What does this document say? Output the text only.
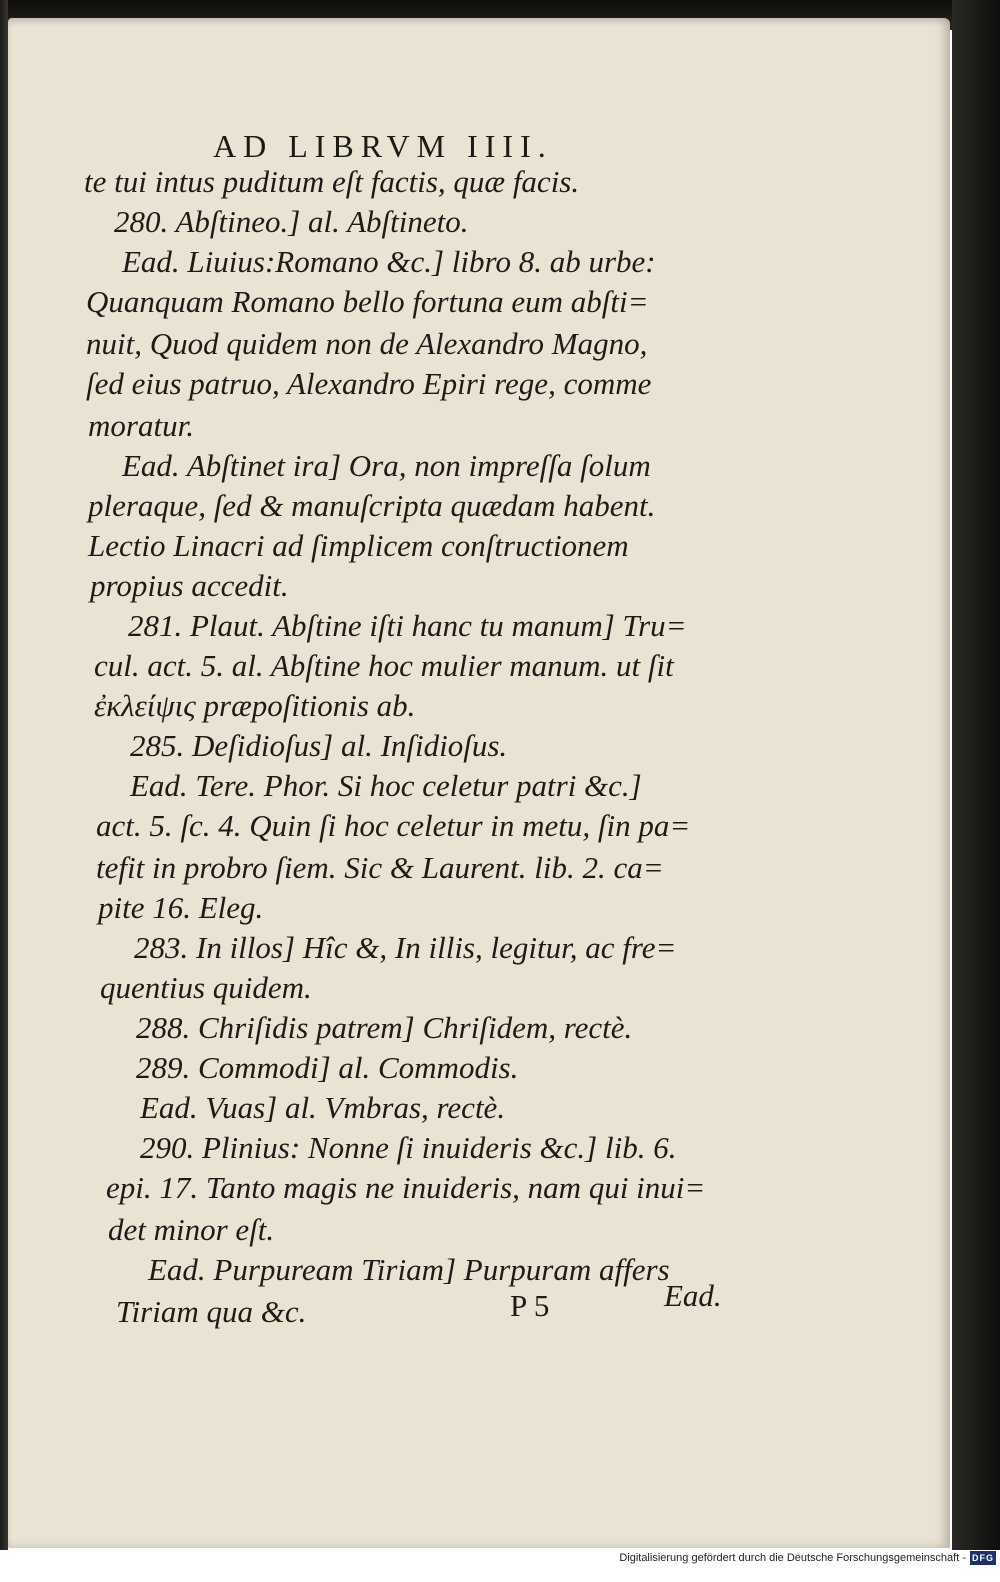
AD LIBRVM IIII.
te tui intus puditum eſt factis, quæ facis.
280. Abſtineo.] al. Abſtineto.
Ead. Liuius:Romano &c.] libro 8. ab urbe:
Quanquam Romano bello fortuna eum abſti=
nuit, Quod quidem non de Alexandro Magno,
ſed eius patruo, Alexandro Epiri rege, comme
moratur.
Ead. Abſtinet ira] Ora, non impreſſa ſolum
pleraque, ſed & manuſcripta quædam habent.
Lectio Linacri ad ſimplicem conſtructionem
propius accedit.
281. Plaut. Abſtine iſti hanc tu manum] Tru=
cul. act. 5. al. Abſtine hoc mulier manum. ut ſit
ἐκλείψις præpoſitionis ab.
285. Deſidioſus] al. Inſidioſus.
Ead. Tere. Phor. Si hoc celetur patri &c.]
act. 5. ſc. 4. Quin ſi hoc celetur in metu, ſin pa=
tefit in probro ſiem. Sic & Laurent. lib. 2. ca=
pite 16. Eleg.
283. In illos] Hîc &, In illis, legitur, ac fre=
quentius quidem.
288. Chriſidis patrem] Chriſidem, rectè.
289. Commodi] al. Commodis.
Ead. Vuas] al. Vmbras, rectè.
290. Plinius: Nonne ſi inuideris &c.] lib. 6.
epi. 17. Tanto magis ne inuideris, nam qui inui=
det minor eſt.
Ead. Purpuream Tiriam] Purpuram affers
Tiriam qua &c.	P 5	Ead.
Digitalisierung gefördert durch die Deutsche Forschungsgemeinschaft - DFG
